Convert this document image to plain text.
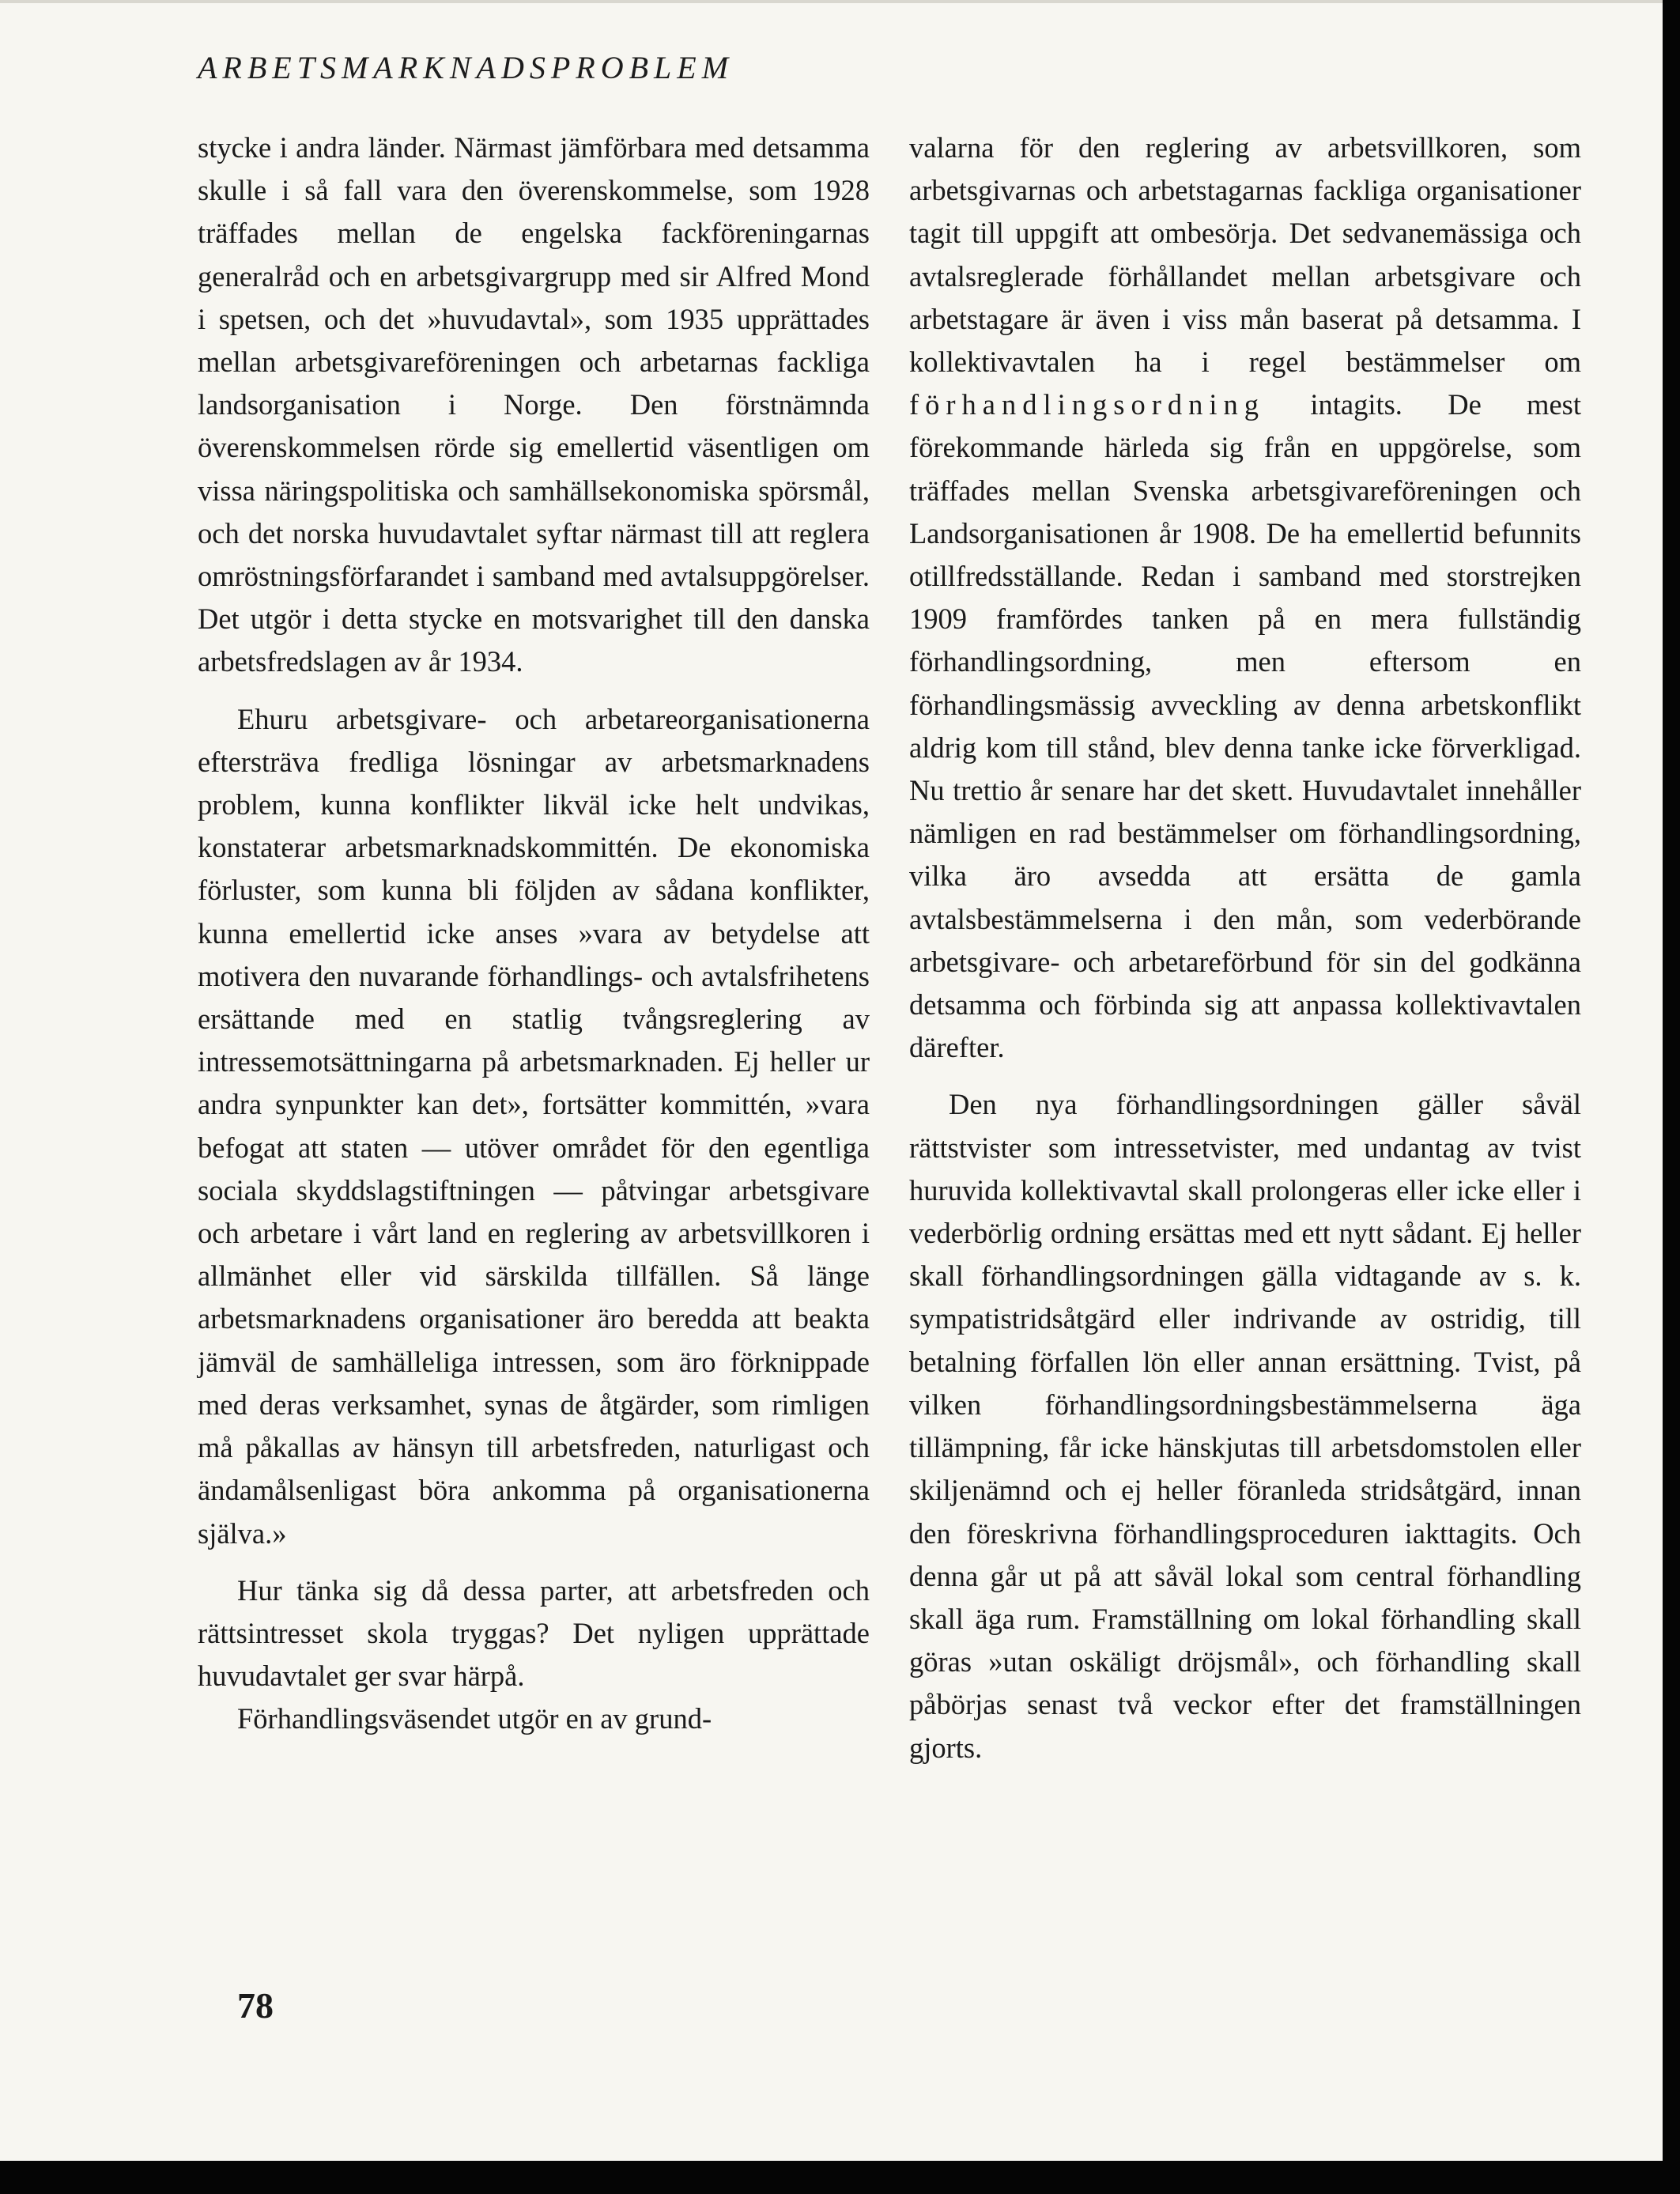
ARBETSMARKNADSPROBLEM

stycke i andra länder. Närmast jämförbara med detsamma skulle i så fall vara den överenskommelse, som 1928 träffades mellan de engelska fackföreningarnas generalråd och en arbetsgivargrupp med sir Alfred Mond i spetsen, och det »huvudavtal», som 1935 upprättades mellan arbetsgivareföreningen och arbetarnas fackliga landsorganisation i Norge. Den förstnämnda överenskommelsen rörde sig emellertid väsentligen om vissa näringspolitiska och samhällsekonomiska spörsmål, och det norska huvudavtalet syftar närmast till att reglera omröstningsförfarandet i samband med avtalsuppgörelser. Det utgör i detta stycke en motsvarighet till den danska arbetsfredslagen av år 1934.

Ehuru arbetsgivare- och arbetareorganisationerna eftersträva fredliga lösningar av arbetsmarknadens problem, kunna konflikter likväl icke helt undvikas, konstaterar arbetsmarknadskommittén. De ekonomiska förluster, som kunna bli följden av sådana konflikter, kunna emellertid icke anses »vara av betydelse att motivera den nuvarande förhandlings- och avtalsfrihetens ersättande med en statlig tvångsreglering av intressemotsättningarna på arbetsmarknaden. Ej heller ur andra synpunkter kan det», fortsätter kommittén, »vara befogat att staten — utöver området för den egentliga sociala skyddslagstiftningen — påtvingar arbetsgivare och arbetare i vårt land en reglering av arbetsvillkoren i allmänhet eller vid särskilda tillfällen. Så länge arbetsmarknadens organisationer äro beredda att beakta jämväl de samhälleliga intressen, som äro förknippade med deras verksamhet, synas de åtgärder, som rimligen må påkallas av hänsyn till arbetsfreden, naturligast och ändamålsenligast böra ankomma på organisationerna själva.»

Hur tänka sig då dessa parter, att arbetsfreden och rättsintresset skola tryggas? Det nyligen upprättade huvudavtalet ger svar härpå.

Förhandlingsväsendet utgör en av grund-

valarna för den reglering av arbetsvillkoren, som arbetsgivarnas och arbetstagarnas fackliga organisationer tagit till uppgift att ombesörja. Det sedvanemässiga och avtalsreglerade förhållandet mellan arbetsgivare och arbetstagare är även i viss mån baserat på detsamma. I kollektivavtalen ha i regel bestämmelser om förhandlingsordning intagits. De mest förekommande härleda sig från en uppgörelse, som träffades mellan Svenska arbetsgivareföreningen och Landsorganisationen år 1908. De ha emellertid befunnits otillfredsställande. Redan i samband med storstrejken 1909 framfördes tanken på en mera fullständig förhandlingsordning, men eftersom en förhandlingsmässig avveckling av denna arbetskonflikt aldrig kom till stånd, blev denna tanke icke förverkligad. Nu trettio år senare har det skett. Huvudavtalet innehåller nämligen en rad bestämmelser om förhandlingsordning, vilka äro avsedda att ersätta de gamla avtalsbestämmelserna i den mån, som vederbörande arbetsgivare- och arbetareförbund för sin del godkänna detsamma och förbinda sig att anpassa kollektivavtalen därefter.

Den nya förhandlingsordningen gäller såväl rättstvister som intressetvister, med undantag av tvist huruvida kollektivavtal skall prolongeras eller icke eller i vederbörlig ordning ersättas med ett nytt sådant. Ej heller skall förhandlingsordningen gälla vidtagande av s. k. sympatistridsåtgärd eller indrivande av ostridig, till betalning förfallen lön eller annan ersättning. Tvist, på vilken förhandlingsordningsbestämmelserna äga tillämpning, får icke hänskjutas till arbetsdomstolen eller skiljenämnd och ej heller föranleda stridsåtgärd, innan den föreskrivna förhandlingsproceduren iakttagits. Och denna går ut på att såväl lokal som central förhandling skall äga rum. Framställning om lokal förhandling skall göras »utan oskäligt dröjsmål», och förhandling skall påbörjas senast två veckor efter det framställningen gjorts.

78
